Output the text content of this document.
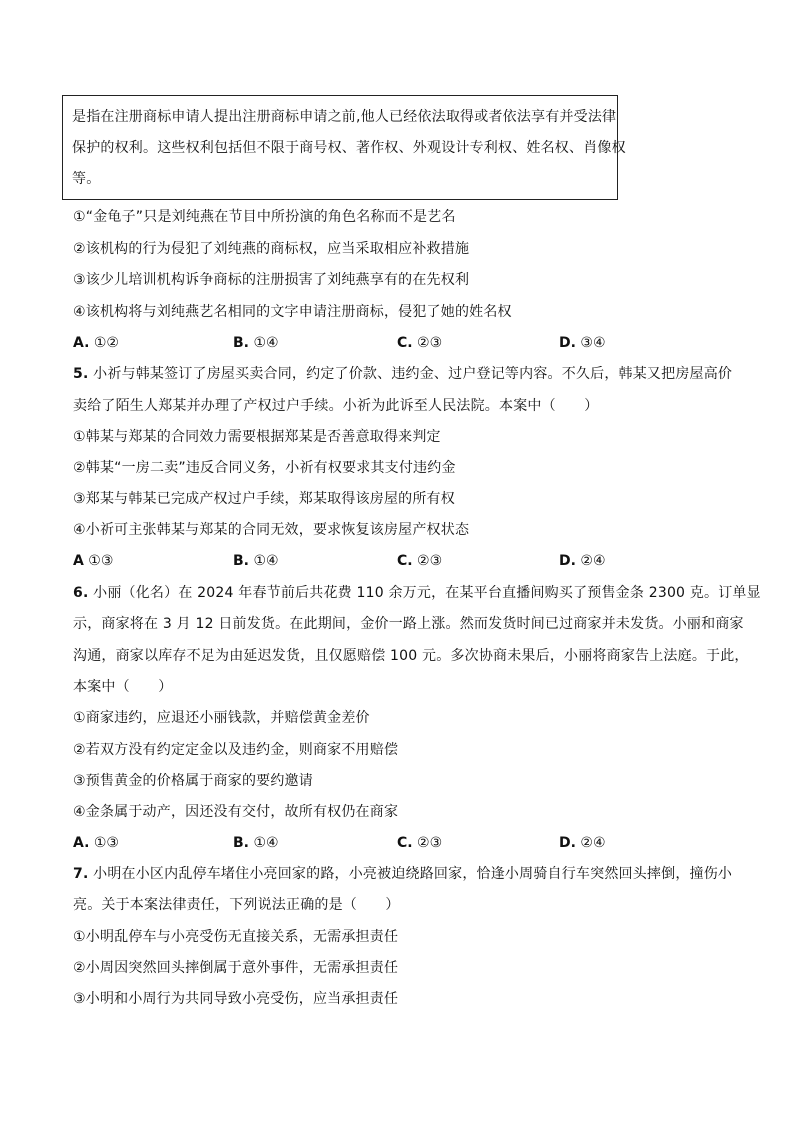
是指在注册商标申请人提出注册商标申请之前,他人已经依法取得或者依法享有并受法律
保护的权利。这些权利包括但不限于商号权、著作权、外观设计专利权、姓名权、肖像权
等。
①“金龟子”只是刘纯燕在节目中所扮演的角色名称而不是艺名
②该机构的行为侵犯了刘纯燕的商标权，应当采取相应补救措施
③该少儿培训机构诉争商标的注册损害了刘纯燕享有的在先权利
④该机构将与刘纯燕艺名相同的文字申请注册商标，侵犯了她的姓名权
A. ①②	B. ①④	C. ②③	D. ③④
5. 小祈与韩某签订了房屋买卖合同，约定了价款、违约金、过户登记等内容。不久后，韩某又把房屋高价
卖给了陌生人郑某并办理了产权过户手续。小祈为此诉至人民法院。本案中（　　）
①韩某与郑某的合同效力需要根据郑某是否善意取得来判定
②韩某“一房二卖”违反合同义务，小祈有权要求其支付违约金
③郑某与韩某已完成产权过户手续，郑某取得该房屋的所有权
④小祈可主张韩某与郑某的合同无效，要求恢复该房屋产权状态
A ①③	B. ①④	C. ②③	D. ②④
6. 小丽（化名）在 2024 年春节前后共花费 110 余万元，在某平台直播间购买了预售金条 2300 克。订单显
示，商家将在 3 月 12 日前发货。在此期间，金价一路上涨。然而发货时间已过商家并未发货。小丽和商家
沟通，商家以库存不足为由延迟发货，且仅愿赔偿 100 元。多次协商未果后，小丽将商家告上法庭。于此，
本案中（　　）
①商家违约，应退还小丽钱款，并赔偿黄金差价
②若双方没有约定定金以及违约金，则商家不用赔偿
③预售黄金的价格属于商家的要约邀请
④金条属于动产，因还没有交付，故所有权仍在商家
A. ①③	B. ①④	C. ②③	D. ②④
7. 小明在小区内乱停车堵住小亮回家的路，小亮被迫绕路回家，恰逢小周骑自行车突然回头摔倒，撞伤小
亮。关于本案法律责任，下列说法正确的是（　　）
①小明乱停车与小亮受伤无直接关系，无需承担责任
②小周因突然回头摔倒属于意外事件，无需承担责任
③小明和小周行为共同导致小亮受伤，应当承担责任
